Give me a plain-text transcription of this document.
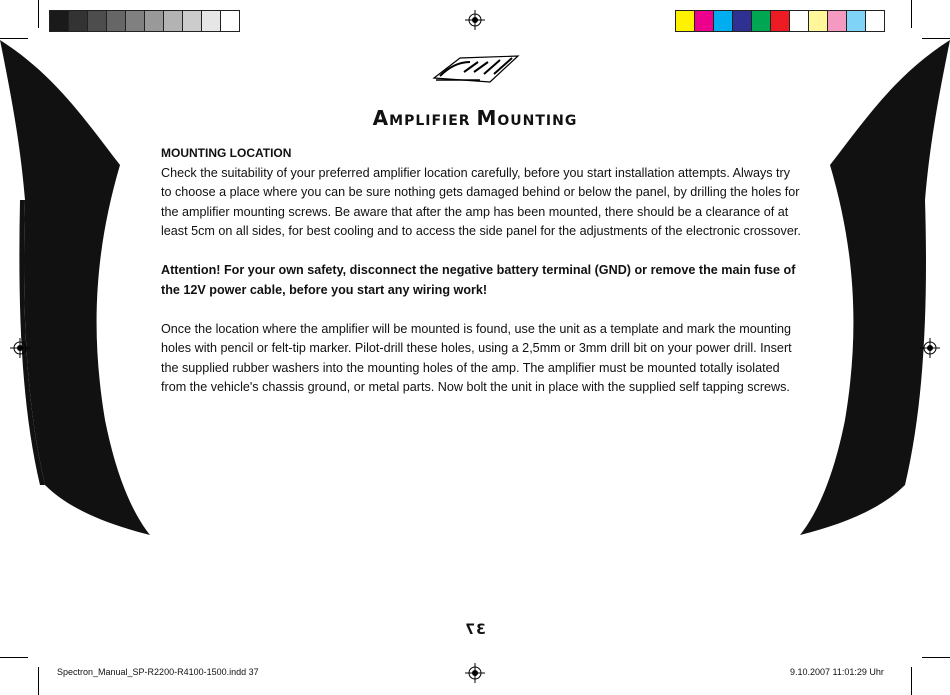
AMPLIFIER MOUNTING
MOUNTING LOCATION

Check the suitability of your preferred amplifier location carefully, before you start installation attempts. Always try to choose a place where you can be sure nothing gets damaged behind or below the panel, by drilling the holes for the amplifier mounting screws. Be aware that after the amp has been mounted, there should be a clearance of at least 5cm on all sides, for best cooling and to access the side panel for the adjustments of the electronic crossover.

Attention! For your own safety, disconnect the negative battery terminal (GND) or remove the main fuse of the 12V power cable, before you start any wiring work!

Once the location where the amplifier will be mounted is found, use the unit as a template and mark the mounting holes with pencil or felt-tip marker. Pilot-drill these holes, using a 2,5mm or 3mm drill bit on your power drill. Insert the supplied rubber washers into the mounting holes of the amp. The amplifier must be mounted totally isolated from the vehicle's chassis ground, or metal parts. Now bolt the unit in place with the supplied self tapping screws.

37
Spectron_Manual_SP-R2200-R4100-1500.indd 37	9.10.2007 11:01:29 Uhr
